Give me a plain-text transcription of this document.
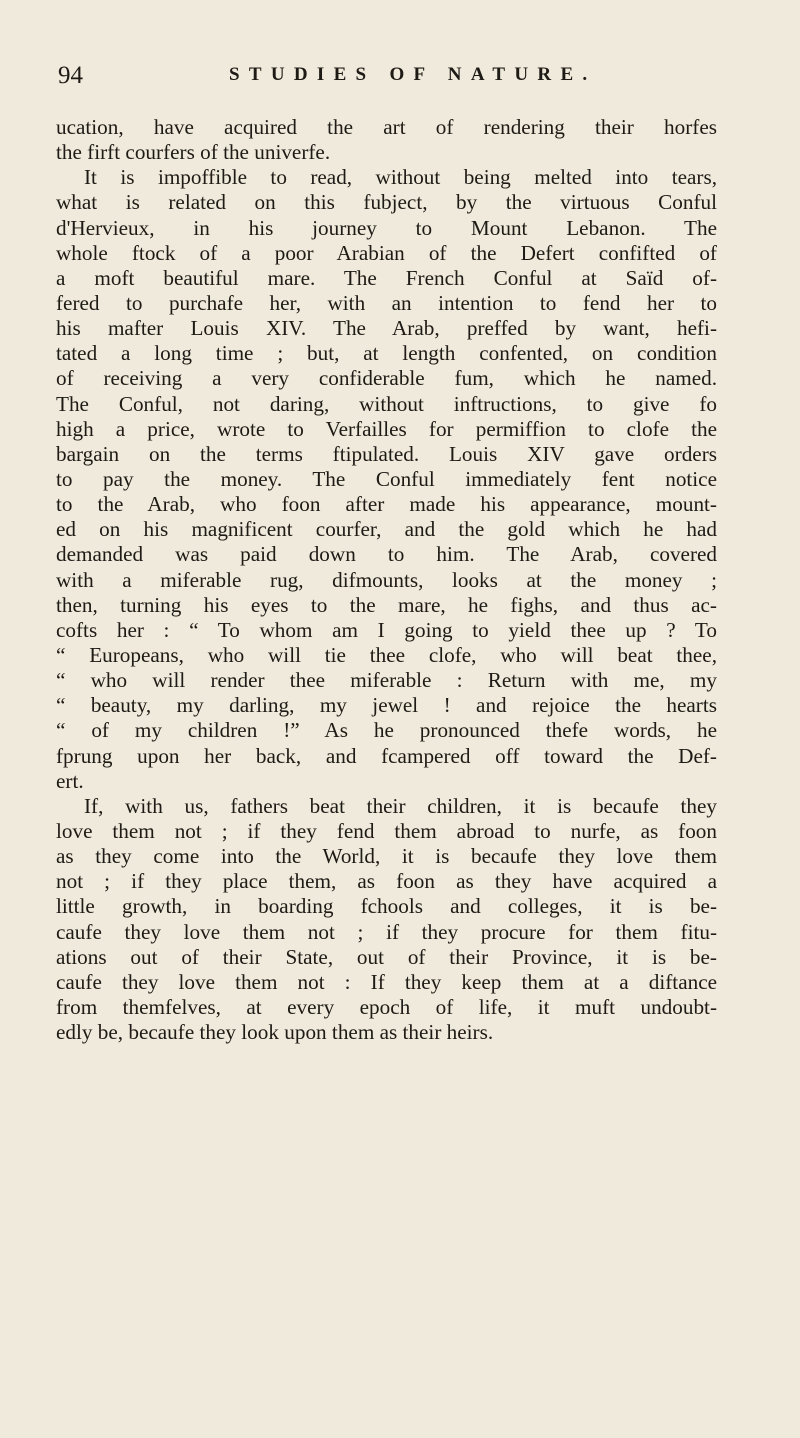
94	STUDIES OF NATURE.
ucation, have acquired the art of rendering their horfes
the firft courfers of the univerfe.
It is impoffible to read, without being melted into tears,
what is related on this fubject, by the virtuous Conful
d'Hervieux, in his journey to Mount Lebanon. The
whole ftock of a poor Arabian of the Defert confifted of
a moft beautiful mare. The French Conful at Saïd of-
fered to purchafe her, with an intention to fend her to
his mafter Louis XIV. The Arab, preffed by want, hefi-
tated a long time ; but, at length confented, on condition
of receiving a very confiderable fum, which he named.
The Conful, not daring, without inftructions, to give fo
high a price, wrote to Verfailles for permiffion to clofe the
bargain on the terms ftipulated. Louis XIV gave orders
to pay the money. The Conful immediately fent notice
to the Arab, who foon after made his appearance, mount-
ed on his magnificent courfer, and the gold which he had
demanded was paid down to him. The Arab, covered
with a miferable rug, difmounts, looks at the money ;
then, turning his eyes to the mare, he fighs, and thus ac-
cofts her : “ To whom am I going to yield thee up ? To
“ Europeans, who will tie thee clofe, who will beat thee,
“ who will render thee miferable : Return with me, my
“ beauty, my darling, my jewel ! and rejoice the hearts
“ of my children !” As he pronounced thefe words, he
fprung upon her back, and fcampered off toward the Def-
ert.
If, with us, fathers beat their children, it is becaufe they
love them not ; if they fend them abroad to nurfe, as foon
as they come into the World, it is becaufe they love them
not ; if they place them, as foon as they have acquired a
little growth, in boarding fchools and colleges, it is be-
caufe they love them not ; if they procure for them fitu-
ations out of their State, out of their Province, it is be-
caufe they love them not : If they keep them at a diftance
from themfelves, at every epoch of life, it muft undoubt-
edly be, becaufe they look upon them as their heirs.
